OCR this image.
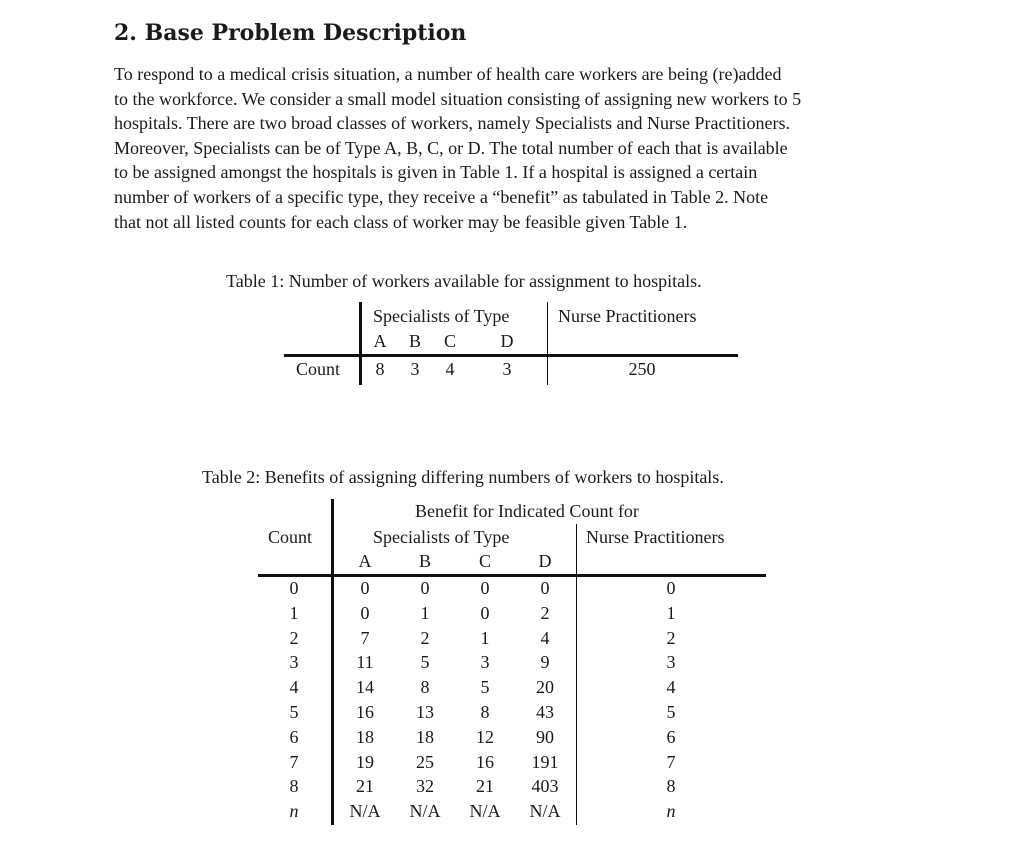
2. Base Problem Description

To respond to a medical crisis situation, a number of health care workers are being (re)added
to the workforce. We consider a small model situation consisting of assigning new workers to 5
hospitals. There are two broad classes of workers, namely Specialists and Nurse Practitioners.
Moreover, Specialists can be of Type A, B, C, or D. The total number of each that is available
to be assigned amongst the hospitals is given in Table 1. If a hospital is assigned a certain
number of workers of a specific type, they receive a “benefit” as tabulated in Table 2. Note
that not all listed counts for each class of worker may be feasible given Table 1.

Table 1: Number of workers available for assignment to hospitals.
Specialists of Type	Nurse Practitioners
A B C D
Count 8 3 4	3	250
Table 2: Benefits of assigning differing numbers of workers to hospitals.
Count
Benefit for Indicated Count for
Specialists of Type	Nurse Practitioners
A	B	C	D
0	0	0	0	0	0
1	0	1	0	2	1
2	7	2	1	4	2
3	11	5	3	9	3
4	14	8	5	20	4
5	16 13	8	43	5
6	18 18 12 90	6
7	19 25 16 191	7
8	21 32 21 403	8
n	N/A N/A N/A N/A	n
